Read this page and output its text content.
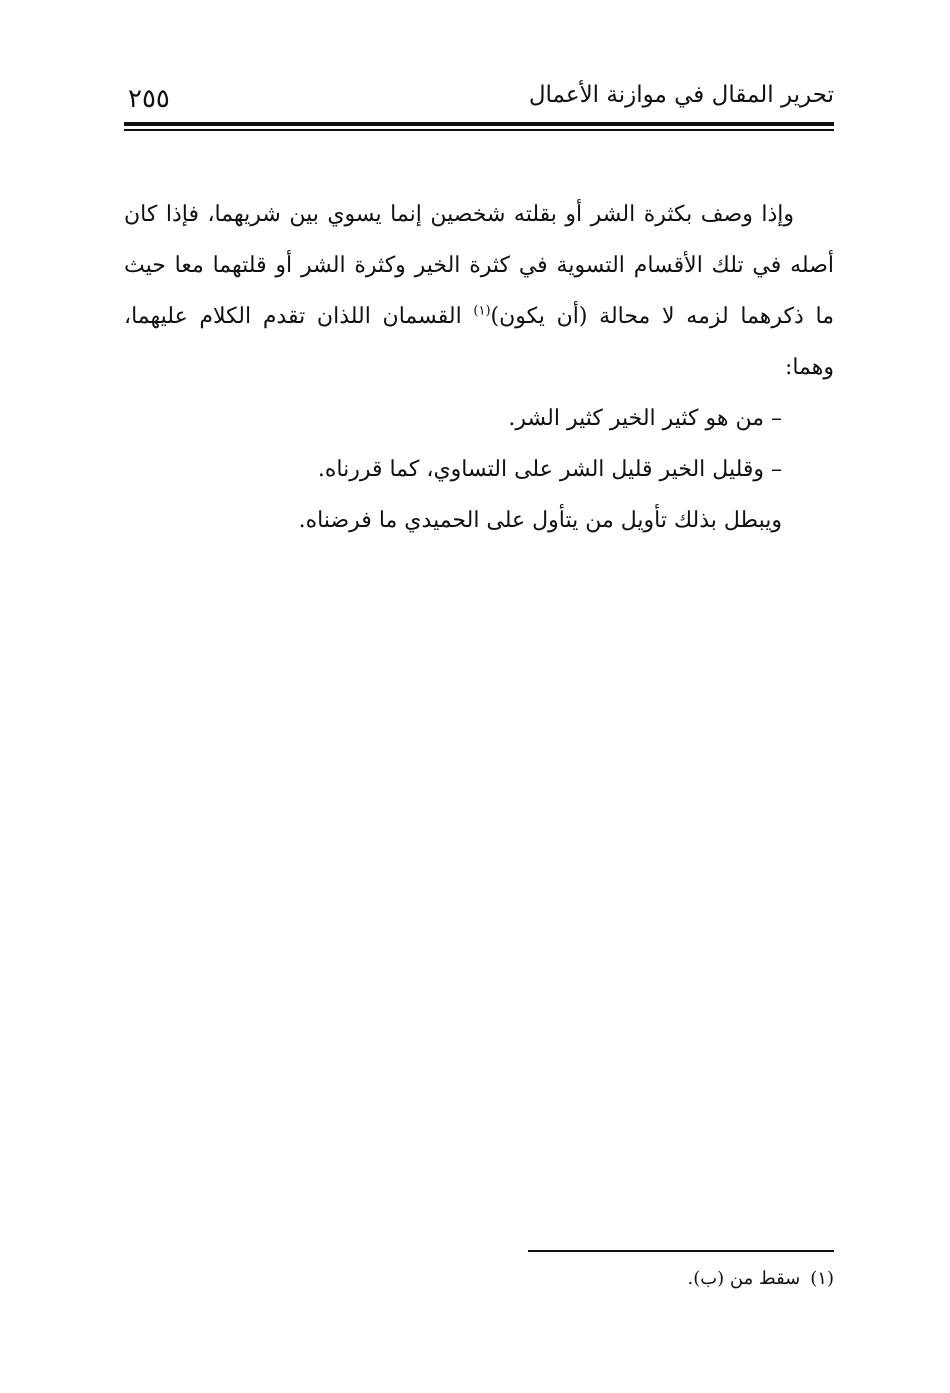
٢٥٥	تحرير المقال في موازنة الأعمال

وإذا وصف بكثرة الشر أو بقلته شخصين إنما يسوي بين شريهما، فإذا كان أصله في تلك الأقسام التسوية في كثرة الخير وكثرة الشر أو قلتهما معا حيث ما ذكرهما لزمه لا محالة (أن يكون)$^{(١)}$ القسمان اللذان تقدم الكلام عليهما، وهما:

– من هو كثير الخير كثير الشر.
– وقليل الخير قليل الشر على التساوي، كما قررناه.

ويبطل بذلك تأويل من يتأول على الحميدي ما فرضناه.

(١)سقط من (ب).
